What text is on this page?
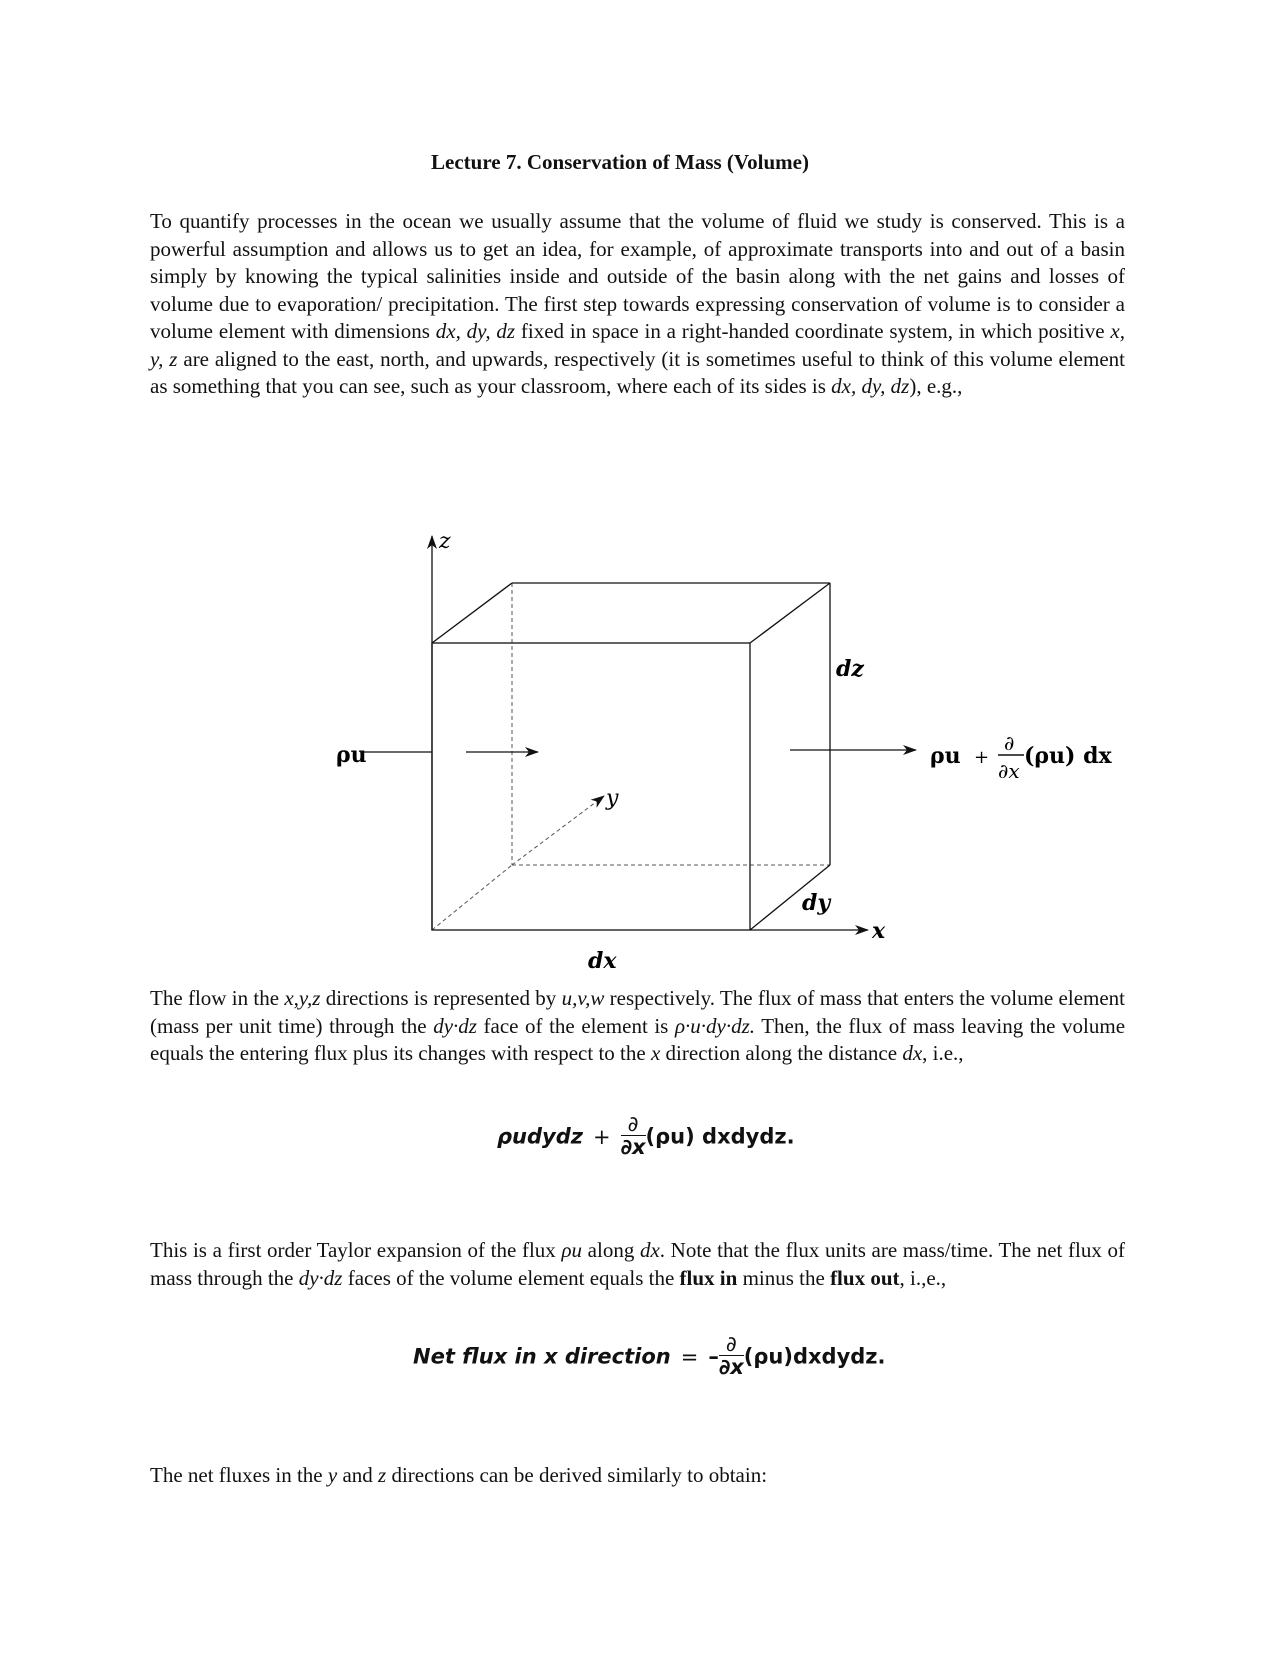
Lecture 7. Conservation of Mass (Volume)

To quantify processes in the ocean we usually assume that the volume of fluid we study is conserved. This is a powerful assumption and allows us to get an idea, for example, of approximate transports into and out of a basin simply by knowing the typical salinities inside and outside of the basin along with the net gains and losses of volume due to evaporation/ precipitation. The first step towards expressing conservation of volume is to consider a volume element with dimensions dx, dy, dz fixed in space in a right-handed coordinate system, in which positive x, y, z are aligned to the east, north, and upwards, respectively (it is sometimes useful to think of this volume element as something that you can see, such as your classroom, where each of its sides is dx, dy, dz), e.g.,

The flow in the x,y,z directions is represented by u,v,w respectively. The flux of mass that enters the volume element (mass per unit time) through the dy·dz face of the element is ρ·u·dy·dz. Then, the flux of mass leaving the volume equals the entering flux plus its changes with respect to the x direction along the distance dx, i.e.,

This is a first order Taylor expansion of the flux ρu along dx. Note that the flux units are mass/time. The net flux of mass through the dy·dz faces of the volume element equals the flux in minus the flux out, i.,e.,

The net fluxes in the y and z directions can be derived similarly to obtain:

z
y
x
dz
dy
dx
ρu	ρu +
∂
∂x
(ρu) dx
ρudydz + $\frac{\partial}{\partial x} (\rho u)$ dxdydz.
Net flux in x direction = – $\frac{\partial}{\partial x}$ (ρu)dxdydz.
